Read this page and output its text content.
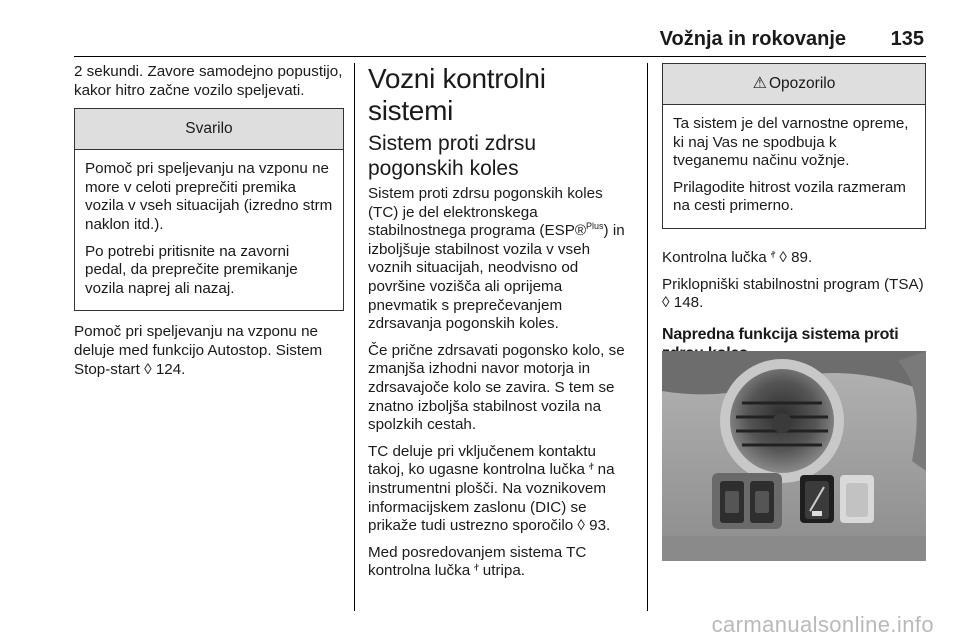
Vožnja in rokovanje 135

2 sekundi. Zavore samodejno popustijo, kakor hitro začne vozilo speljevati.

Svarilo

Pomoč pri speljevanju na vzponu ne more v celoti preprečiti premika vozila v vseh situacijah (izredno strm naklon itd.).

Po potrebi pritisnite na zavorni pedal, da preprečite premikanje vozila naprej ali nazaj.

Pomoč pri speljevanju na vzponu ne deluje med funkcijo Autostop. Sistem Stop-start ◊ 124.

Vozni kontrolni sistemi
Sistem proti zdrsu pogonskih koles

Sistem proti zdrsu pogonskih koles (TC) je del elektronskega stabilnostnega programa (ESP®$^{Plus}$) in izboljšuje stabilnost vozila v vseh voznih situacijah, neodvisno od površine vozišča ali oprijema pnevmatik s preprečevanjem zdrsavanja pogonskih koles.

Če prične zdrsavati pogonsko kolo, se zmanjša izhodni navor motorja in zdrsavajoče kolo se zavira. S tem se znatno izboljša stabilnost vozila na spolzkih cestah.

TC deluje pri vključenem kontaktu takoj, ko ugasne kontrolna lučka ꭝ na instrumentni plošči. Na voznikovem informacijskem zaslonu (DIC) se prikaže tudi ustrezno sporočilo ◊ 93.

Med posredovanjem sistema TC kontrolna lučka ꭝ utripa.

⚠ Opozorilo

Ta sistem je del varnostne opreme, ki naj Vas ne spodbuja k tveganemu načinu vožnje.

Prilagodite hitrost vozila razmeram na cesti primerno.

Kontrolna lučka ꭝ ◊ 89.

Priklopniški stabilnostni program (TSA) ◊ 148.

Napredna funkcija sistema proti
carmanualsonline.info
